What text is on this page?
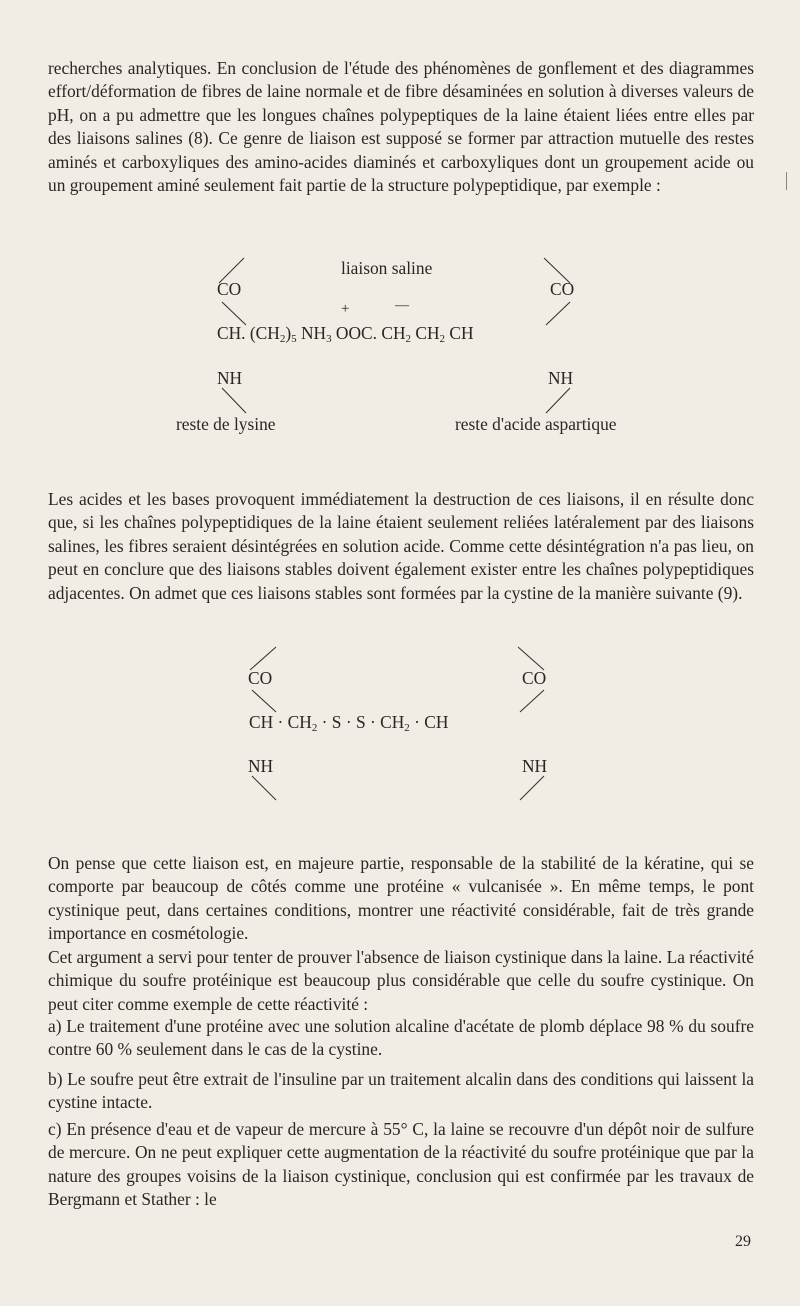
recherches analytiques. En conclusion de l'étude des phénomènes de gonflement et des diagrammes effort/déformation de fibres de laine normale et de fibre désaminées en solution à diverses valeurs de pH, on a pu admettre que les longues chaînes polypeptiques de la laine étaient liées entre elles par des liaisons salines (8). Ce genre de liaison est supposé se former par attraction mutuelle des restes aminés et carboxyliques des amino-acides diaminés et carboxyliques dont un groupement acide ou un groupement aminé seulement fait partie de la structure polypeptidique, par exemple :

liaison saline
CO	CO
+	—
CH. $(CH_2)_5$ $NH_3$ OOC. $CH_2$ $CH_2$ CH
NH	NH
reste de lysine	reste d'acide aspartique

Les acides et les bases provoquent immédiatement la destruction de ces liaisons, il en résulte donc que, si les chaînes polypeptidiques de la laine étaient seulement reliées latéralement par des liaisons salines, les fibres seraient désintégrées en solution acide. Comme cette désintégration n'a pas lieu, on peut en conclure que des liaisons stables doivent également exister entre les chaînes polypeptidiques adjacentes. On admet que ces liaisons stables sont formées par la cystine de la manière suivante (9).

CO	CO
CH · $CH_2 \cdot S \cdot S \cdot CH_2$ · CH
NH	NH

On pense que cette liaison est, en majeure partie, responsable de la stabilité de la kératine, qui se comporte par beaucoup de côtés comme une protéine « vulcanisée ». En même temps, le pont cystinique peut, dans certaines conditions, montrer une réactivité considérable, fait de très grande importance en cosmétologie.

Cet argument a servi pour tenter de prouver l'absence de liaison cystinique dans la laine. La réactivité chimique du soufre protéinique est beaucoup plus considérable que celle du soufre cystinique. On peut citer comme exemple de cette réactivité :

a) Le traitement d'une protéine avec une solution alcaline d'acétate de plomb déplace 98 % du soufre contre 60 % seulement dans le cas de la cystine.

b) Le soufre peut être extrait de l'insuline par un traitement alcalin dans des conditions qui laissent la cystine intacte.

c) En présence d'eau et de vapeur de mercure à 55° C, la laine se recouvre d'un dépôt noir de sulfure de mercure. On ne peut expliquer cette augmentation de la réactivité du soufre protéinique que par la nature des groupes voisins de la liaison cystinique, conclusion qui est confirmée par les travaux de Bergmann et Stather : le

29
